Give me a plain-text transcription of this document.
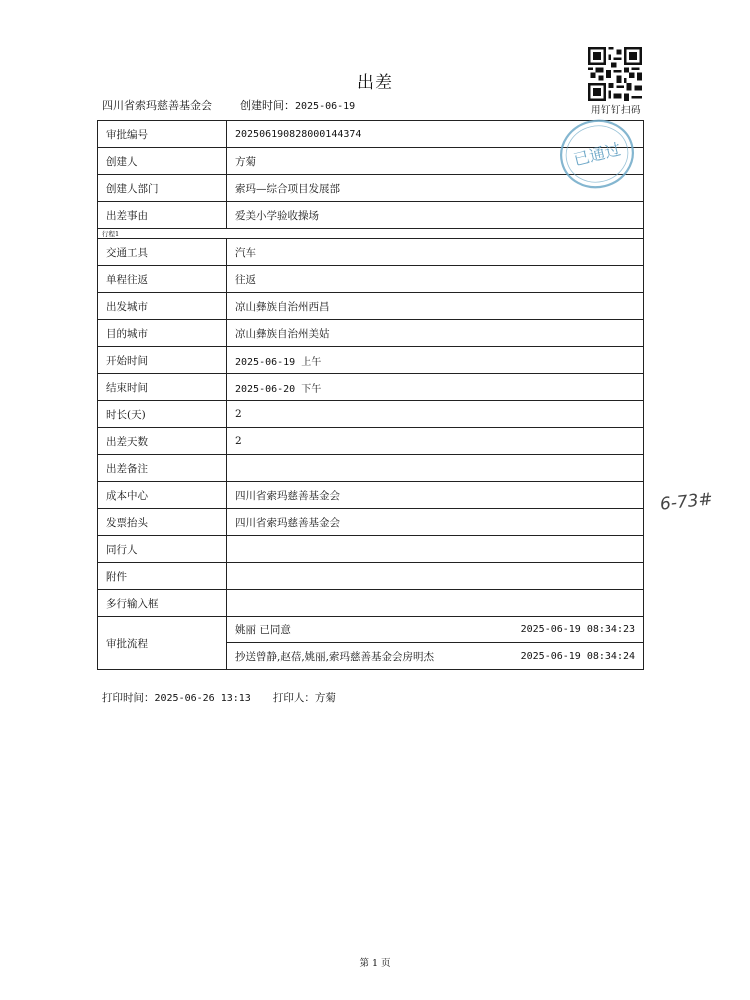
出差
四川省索玛慈善基金会	创建时间：2025-06-19	用钉钉扫码
审批编号	202506190828000144374
创建人	方菊
创建人部门	索玛—综合项目发展部
出差事由	爱美小学验收操场
行程1	
交通工具	汽车
单程往返	往返
出发城市	凉山彝族自治州西昌
目的城市	凉山彝族自治州美姑
开始时间	2025-06-19 上午
结束时间	2025-06-20 下午
时长(天)	2
出差天数	2
出差备注	
成本中心	四川省索玛慈善基金会
发票抬头	四川省索玛慈善基金会
同行人	
附件	
多行输入框	
审批流程	姚丽 已同意 2025-06-19 08:34:23
抄送曾静,赵蓓,姚丽,索玛慈善基金会房明杰 2025-06-19 08:34:24
已通过
6-73#
打印时间：2025-06-26 13:13 打印人：方菊
第 1 页
